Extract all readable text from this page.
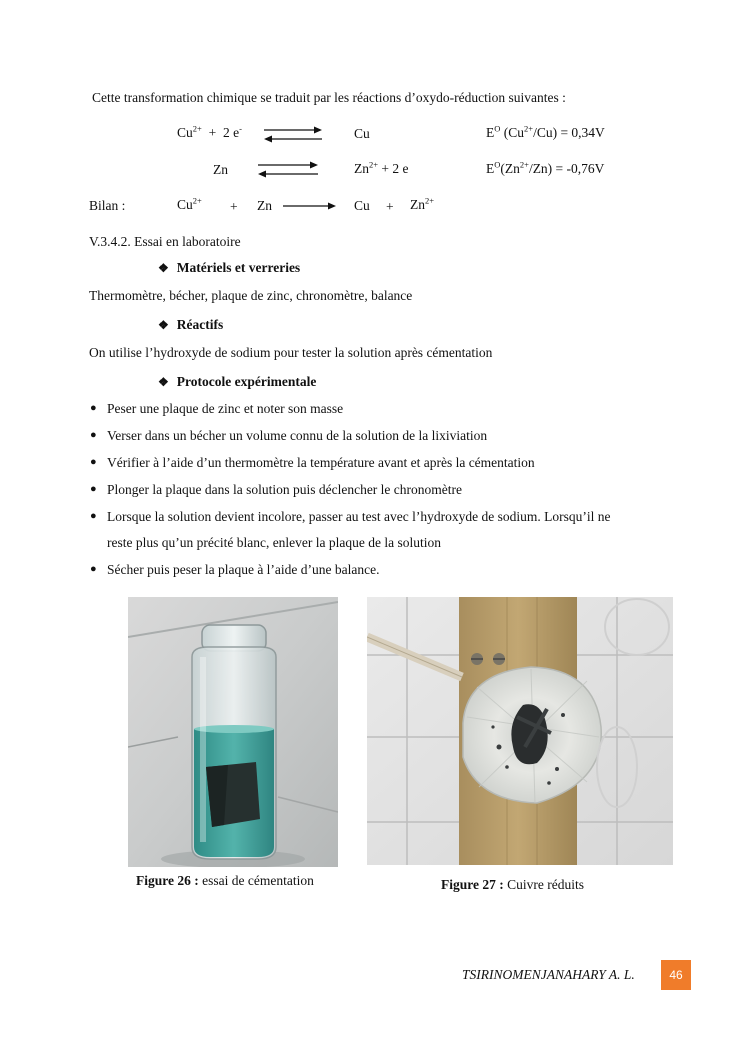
Cette transformation chimique se traduit par les réactions d’oxydo-réduction suivantes :
$Cu^{2+} + 2$ e-	Cu	$E^O$ $(Cu^{2+}/Cu) = 0,34V$
Zn	$Zn^{2+} + 2$ e	$E^O(Zn^{2+}/Zn) = -0,76V$
Bilan :	$Cu^{2+} + Zn$	$Cu + Zn^{2+}$
V.3.4.2. Essai en laboratoire
❖ Matériels et verreries
Thermomètre, bécher, plaque de zinc, chronomètre, balance
❖ Réactifs
On utilise l’hydroxyde de sodium pour tester la solution après cémentation
❖ Protocole expérimentale
● Peser une plaque de zinc et noter son masse
● Verser dans un bécher un volume connu de la solution de la lixiviation
● Vérifier à l’aide d’un thermomètre la température avant et après la cémentation
● Plonger la plaque dans la solution puis déclencher le chronomètre
● Lorsque la solution devient incolore, passer au test avec l’hydroxyde de sodium. Lorsqu’il ne
reste plus qu’un précité blanc, enlever la plaque de la solution
● Sécher puis peser la plaque à l’aide d’une balance.
Figure 26 : essai de cémentation	Figure 27 : Cuivre réduits
TSIRINOMENJANAHARY A. L.	46
